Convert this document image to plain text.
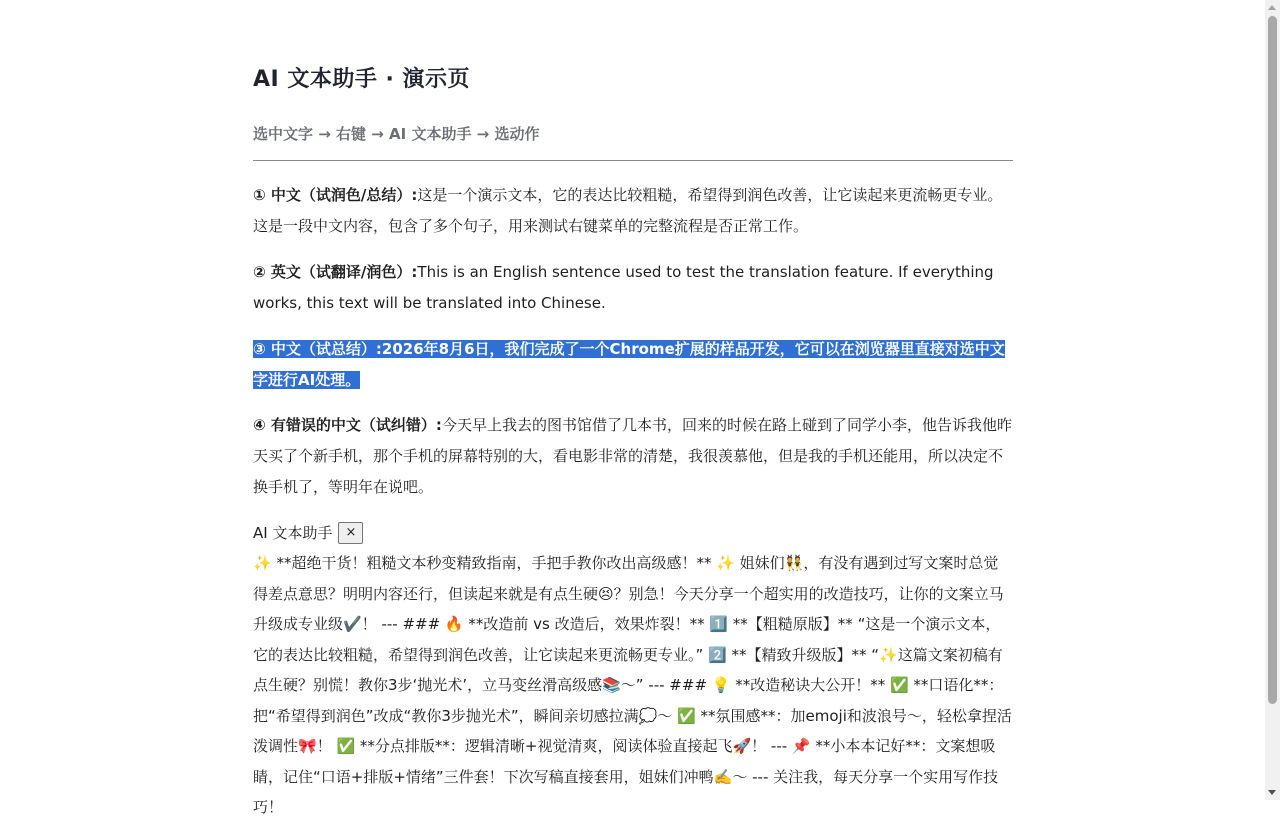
AI 文本助手 · 演示页
选中文字 → 右键 → AI 文本助手 → 选动作

① 中文（试润色/总结）:这是一个演示文本，它的表达比较粗糙，希望得到润色改善，让它读起来更流畅更专业。这是一段中文内容，包含了多个句子，用来测试右键菜单的完整流程是否正常工作。

② 英文（试翻译/润色）:This is an English sentence used to test the translation feature. If everything works, this text will be translated into Chinese.

③ 中文（试总结）:2026年8月6日，我们完成了一个Chrome扩展的样品开发，它可以在浏览器里直接对选中文字进行AI处理。

④ 有错误的中文（试纠错）:今天早上我去的图书馆借了几本书，回来的时候在路上碰到了同学小李，他告诉我他昨天买了个新手机，那个手机的屏幕特别的大，看电影非常的清楚，我很羡慕他，但是我的手机还能用，所以决定不换手机了，等明年在说吧。

AI 文本助手	×

✨ **超绝干货！粗糙文本秒变精致指南，手把手教你改出高级感！** ✨ 姐妹们👯，有没有遇到过写文案时总觉得差点意思？明明内容还行，但读起来就是有点生硬😣？别急！今天分享一个超实用的改造技巧，让你的文案立马升级成专业级✔️！ --- ### 🔥 **改造前 vs 改造后，效果炸裂！** 1️⃣ **【粗糙原版】** “这是一个演示文本，它的表达比较粗糙，希望得到润色改善，让它读起来更流畅更专业。” 2️⃣ **【精致升级版】** “✨这篇文案初稿有点生硬？别慌！教你3步‘抛光术’，立马变丝滑高级感📚～” --- ### 💡 **改造秘诀大公开！** ✅ **口语化**：把“希望得到润色”改成“教你3步抛光术”，瞬间亲切感拉满💭～ ✅ **氛围感**：加emoji和波浪号～，轻松拿捏活泼调性🎀！ ✅ **分点排版**：逻辑清晰+视觉清爽，阅读体验直接起飞🚀！ --- 📌 **小本本记好**：文案想吸睛，记住“口语+排版+情绪”三件套！下次写稿直接套用，姐妹们冲鸭✍️～ --- 关注我，每天分享一个实用写作技巧！
